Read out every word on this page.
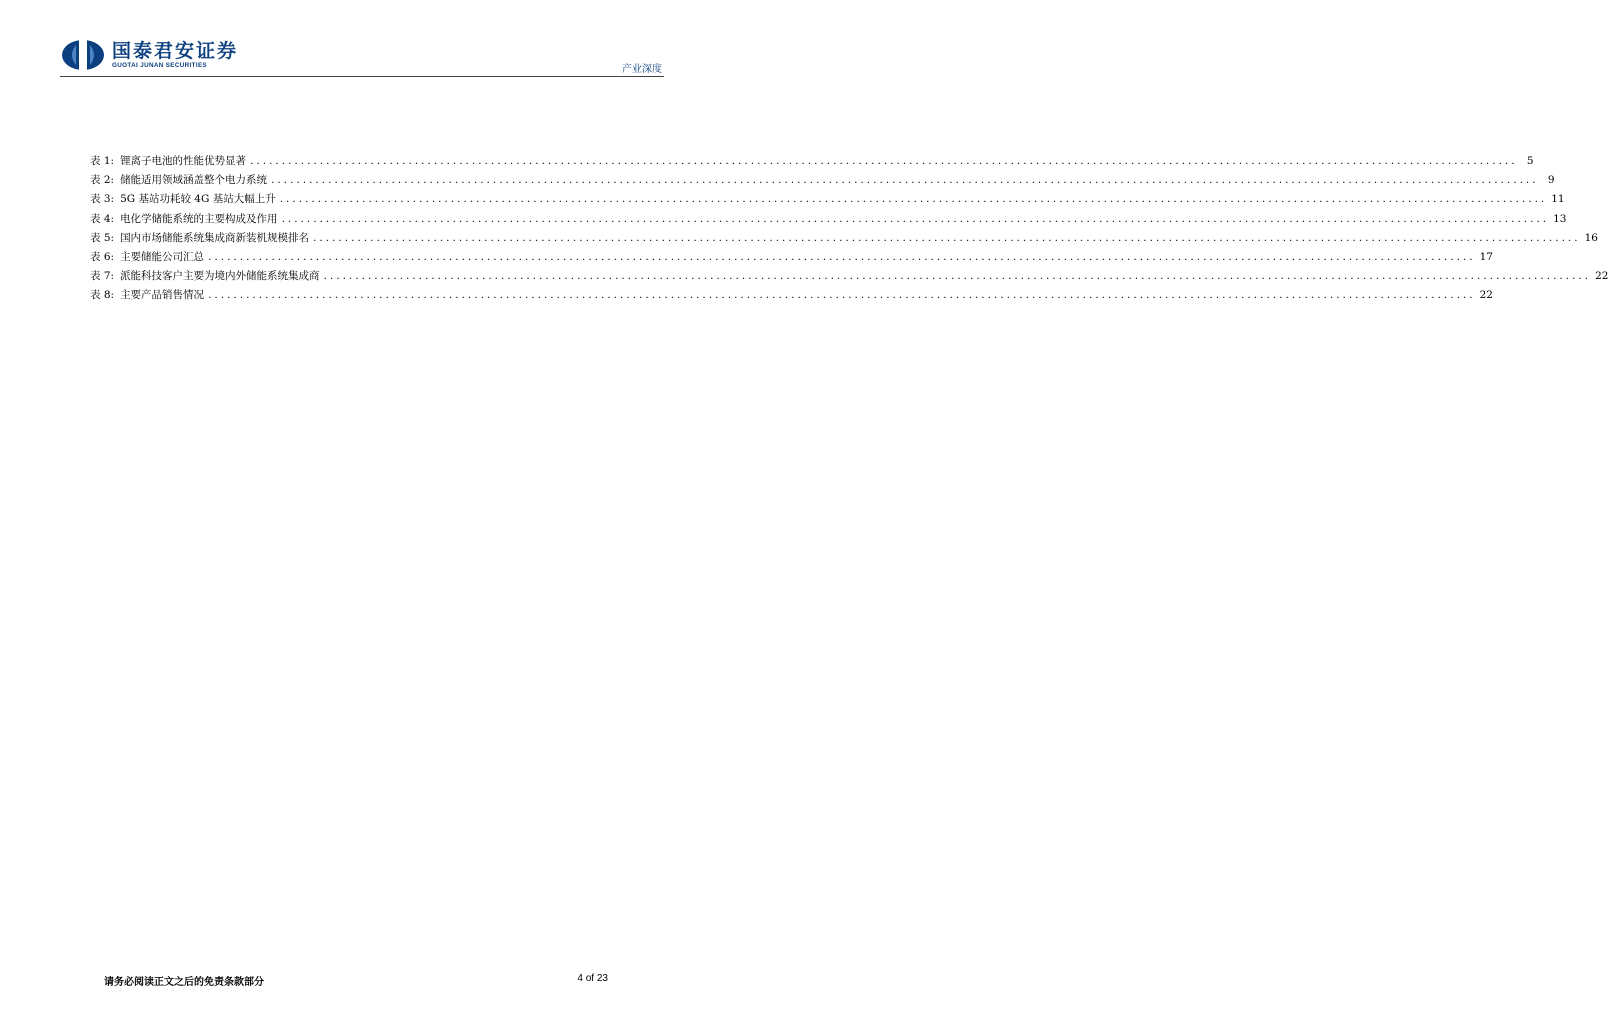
国泰君安证券
GUOTAI JUNAN SECURITIES	产业深度
表 1: 锂离子电池的性能优势显著 ........................................................................................................................................................................................................ 5
表 2: 储能适用领域涵盖整个电力系统 ........................................................................................................................................................................................................ 9
表 3: 5G 基站功耗较 4G 基站大幅上升 ........................................................................................................................................................................................................ 11
表 4: 电化学储能系统的主要构成及作用 ........................................................................................................................................................................................................ 13
表 5: 国内市场储能系统集成商新装机规模排名 ........................................................................................................................................................................................................ 16
表 6: 主要储能公司汇总 ........................................................................................................................................................................................................ 17
表 7: 派能科技客户主要为境内外储能系统集成商 ........................................................................................................................................................................................................ 22
表 8: 主要产品销售情况 ........................................................................................................................................................................................................ 22
请务必阅读正文之后的免责条款部分	4 of 23
